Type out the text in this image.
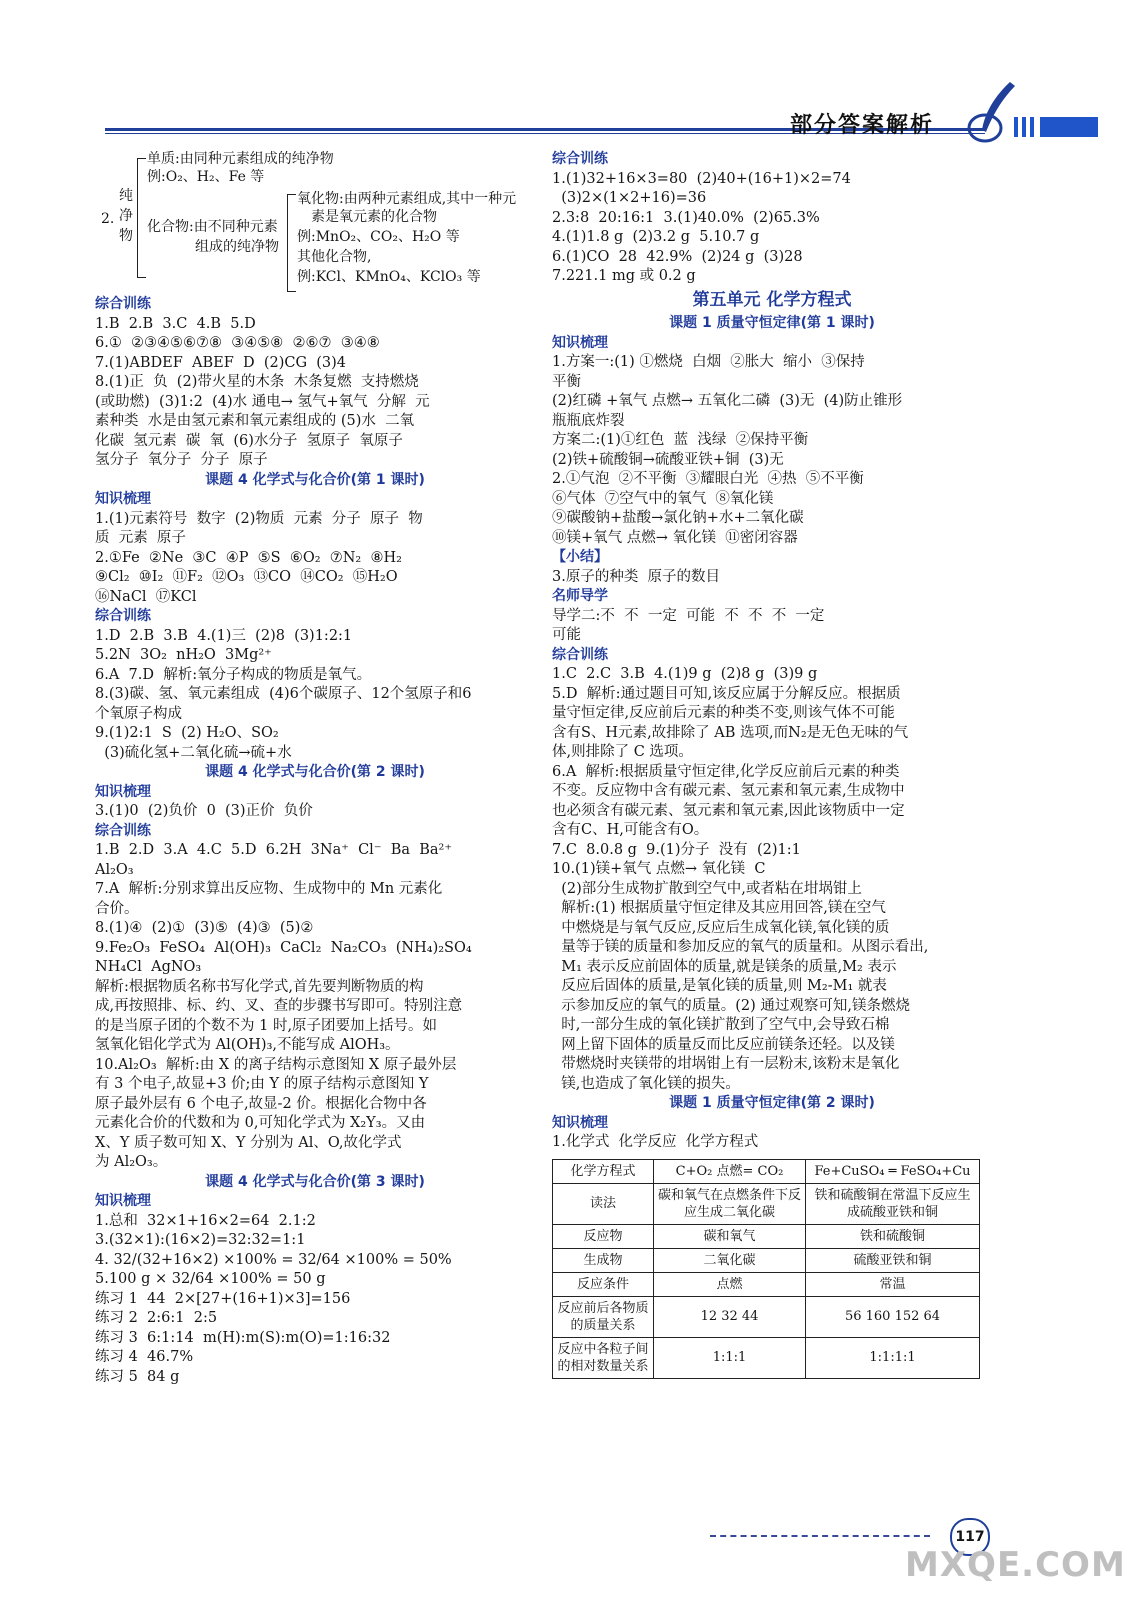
部分答案解析
2.
纯净物
单质:由同种元素组成的纯净物
例:O₂、H₂、Fe 等
化合物:由不同种元素
组成的纯净物
氧化物:由两种元素组成,其中一种元
素是氧元素的化合物
例:MnO₂、CO₂、H₂O 等
其他化合物,
例:KCl、KMnO₄、KClO₃ 等
综合训练
1.B  2.B  3.C  4.B  5.D
6.①  ②③④⑤⑥⑦⑧  ③④⑤⑧  ②⑥⑦  ③④⑧
7.(1)ABDEF  ABEF  D  (2)CG  (3)4
8.(1)正  负  (2)带火星的木条  木条复燃  支持燃烧
(或助燃)  (3)1:2  (4)水 通电→ 氢气+氧气  分解  元
素种类  水是由氢元素和氧元素组成的 (5)水  二氧
化碳  氢元素  碳  氧  (6)水分子  氢原子  氧原子
氢分子  氧分子  分子  原子
课题 4 化学式与化合价(第 1 课时)
知识梳理
1.(1)元素符号  数字  (2)物质  元素  分子  原子  物
质  元素  原子
2.①Fe  ②Ne  ③C  ④P  ⑤S  ⑥O₂  ⑦N₂  ⑧H₂
⑨Cl₂  ⑩I₂  ⑪F₂  ⑫O₃  ⑬CO  ⑭CO₂  ⑮H₂O
⑯NaCl  ⑰KCl
综合训练
1.D  2.B  3.B  4.(1)三  (2)8  (3)1:2:1
5.2N  3O₂  nH₂O  3Mg²⁺
6.A  7.D  解析:氧分子构成的物质是氧气。
8.(3)碳、氢、氧元素组成  (4)6个碳原子、12个氢原子和6
个氧原子构成
9.(1)2:1  S  (2) H₂O、SO₂
(3)硫化氢+二氧化硫→硫+水
课题 4 化学式与化合价(第 2 课时)
知识梳理
3.(1)0  (2)负价  0  (3)正价  负价
综合训练
1.B  2.D  3.A  4.C  5.D  6.2H  3Na⁺  Cl⁻  Ba  Ba²⁺
Al₂O₃
7.A  解析:分别求算出反应物、生成物中的 Mn 元素化
合价。
8.(1)④  (2)①  (3)⑤  (4)③  (5)②
9.Fe₂O₃  FeSO₄  Al(OH)₃  CaCl₂  Na₂CO₃  (NH₄)₂SO₄
NH₄Cl  AgNO₃
解析:根据物质名称书写化学式,首先要判断物质的构
成,再按照排、标、约、叉、查的步骤书写即可。特别注意
的是当原子团的个数不为 1 时,原子团要加上括号。如
氢氧化铝化学式为 Al(OH)₃,不能写成 AlOH₃。
10.Al₂O₃  解析:由 X 的离子结构示意图知 X 原子最外层
有 3 个电子,故显+3 价;由 Y 的原子结构示意图知 Y
原子最外层有 6 个电子,故显-2 价。根据化合物中各
元素化合价的代数和为 0,可知化学式为 X₂Y₃。又由
X、Y 质子数可知 X、Y 分别为 Al、O,故化学式
为 Al₂O₃。
课题 4 化学式与化合价(第 3 课时)
知识梳理
1.总和  32×1+16×2=64  2.1:2
3.(32×1):(16×2)=32:32=1:1
4. 32/(32+16×2) ×100% = 32/64 ×100% = 50%
5.100 g × 32/64 ×100% = 50 g
练习 1  44  2×[27+(16+1)×3]=156
练习 2  2:6:1  2:5
练习 3  6:1:14  m(H):m(S):m(O)=1:16:32
练习 4  46.7%
练习 5  84 g
综合训练
1.(1)32+16×3=80  (2)40+(16+1)×2=74
(3)2×(1×2+16)=36
2.3:8  20:16:1  3.(1)40.0%  (2)65.3%
4.(1)1.8 g  (2)3.2 g  5.10.7 g
6.(1)CO  28  42.9%  (2)24 g  (3)28
7.221.1 mg 或 0.2 g
第五单元 化学方程式
课题 1 质量守恒定律(第 1 课时)
知识梳理
1.方案一:(1) ①燃烧  白烟  ②胀大  缩小  ③保持
平衡
(2)红磷 +氧气 点燃→ 五氧化二磷  (3)无  (4)防止锥形
瓶瓶底炸裂
方案二:(1)①红色  蓝  浅绿  ②保持平衡
(2)铁+硫酸铜→硫酸亚铁+铜  (3)无
2.①气泡  ②不平衡  ③耀眼白光  ④热  ⑤不平衡
⑥气体  ⑦空气中的氧气  ⑧氧化镁
⑨碳酸钠+盐酸→氯化钠+水+二氧化碳
⑩镁+氧气 点燃→ 氧化镁  ⑪密闭容器
【小结】
3.原子的种类  原子的数目
名师导学
导学二:不  不  一定  可能  不  不  不  一定
可能
综合训练
1.C  2.C  3.B  4.(1)9 g  (2)8 g  (3)9 g
5.D  解析:通过题目可知,该反应属于分解反应。根据质
量守恒定律,反应前后元素的种类不变,则该气体不可能
含有S、H元素,故排除了 AB 选项,而N₂是无色无味的气
体,则排除了 C 选项。
6.A  解析:根据质量守恒定律,化学反应前后元素的种类
不变。反应物中含有碳元素、氢元素和氧元素,生成物中
也必须含有碳元素、氢元素和氧元素,因此该物质中一定
含有C、H,可能含有O。
7.C  8.0.8 g  9.(1)分子  没有  (2)1:1
10.(1)镁+氧气 点燃→ 氧化镁  C
(2)部分生成物扩散到空气中,或者粘在坩埚钳上
解析:(1) 根据质量守恒定律及其应用回答,镁在空气
中燃烧是与氧气反应,反应后生成氧化镁,氧化镁的质
量等于镁的质量和参加反应的氧气的质量和。从图示看出,
M₁ 表示反应前固体的质量,就是镁条的质量,M₂ 表示
反应后固体的质量,是氧化镁的质量,则 M₂-M₁ 就表
示参加反应的氧气的质量。(2) 通过观察可知,镁条燃烧
时,一部分生成的氧化镁扩散到了空气中,会导致石棉
网上留下固体的质量反而比反应前镁条还轻。以及镁
带燃烧时夹镁带的坩埚钳上有一层粉末,该粉末是氧化
镁,也造成了氧化镁的损失。
课题 1 质量守恒定律(第 2 课时)
知识梳理
1.化学式  化学反应  化学方程式
化学方程式	C+O₂ 点燃= CO₂	Fe+CuSO₄ ═ FeSO₄+Cu
读法	碳和氧气在点燃条件下反应生成二氧化碳	铁和硫酸铜在常温下反应生成硫酸亚铁和铜
反应物	碳和氧气	铁和硫酸铜
生成物	二氧化碳	硫酸亚铁和铜
反应条件	点燃	常温
反应前后各物质的质量关系	12 32 44	56 160 152 64
反应中各粒子间的相对数量关系	1:1:1	1:1:1:1
117
MXQE.COM
